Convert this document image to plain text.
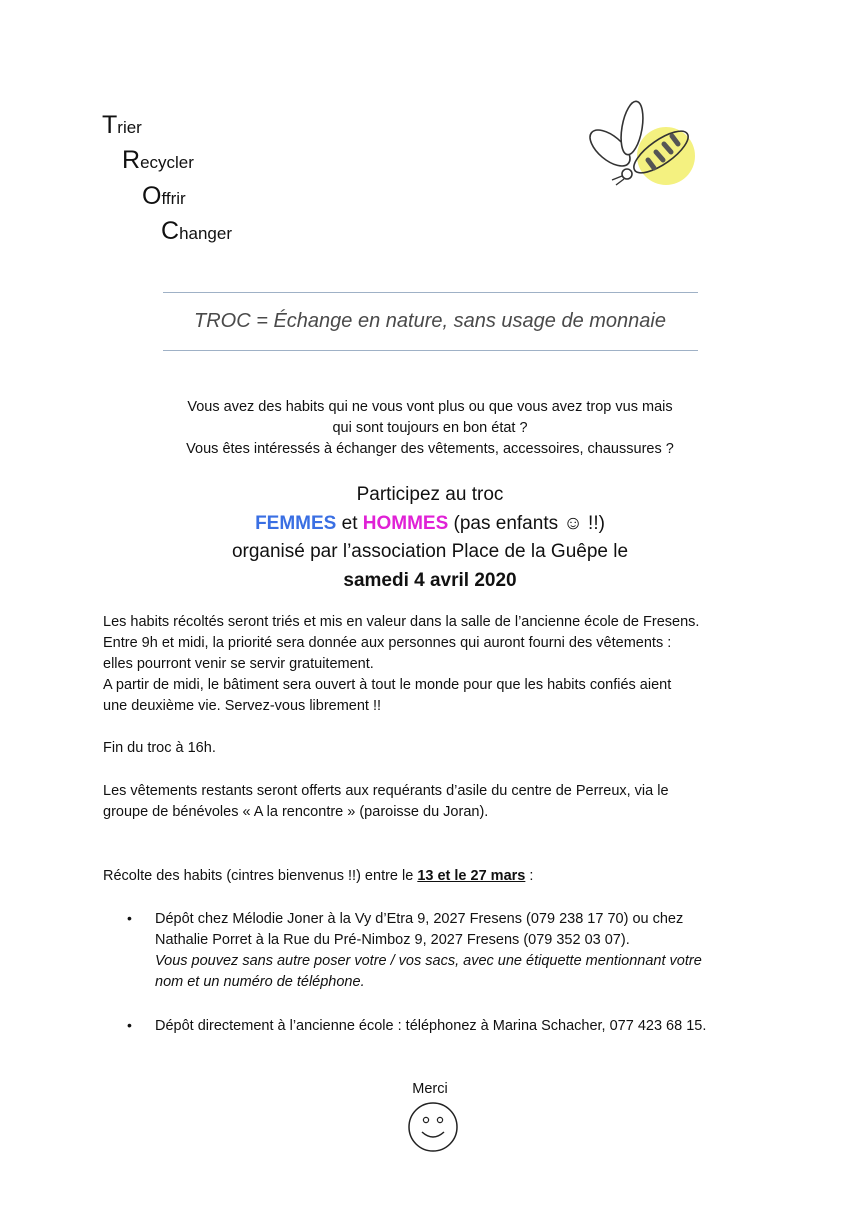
Trier
Recycler
Offrir
Changer
TROC = Échange en nature, sans usage de monnaie
Vous avez des habits qui ne vous vont plus ou que vous avez trop vus mais
qui sont toujours en bon état ?
Vous êtes intéressés à échanger des vêtements, accessoires, chaussures ?
Participez au troc
FEMMES et HOMMES (pas enfants ☺ !!)
organisé par l’association Place de la Guêpe le
samedi 4 avril 2020
Les habits récoltés seront triés et mis en valeur dans la salle de l’ancienne école de Fresens.
Entre 9h et midi, la priorité sera donnée aux personnes qui auront fourni des vêtements :
elles pourront venir se servir gratuitement.
A partir de midi, le bâtiment sera ouvert à tout le monde pour que les habits confiés aient
une deuxième vie. Servez-vous librement !!
Fin du troc à 16h.
Les vêtements restants seront offerts aux requérants d’asile du centre de Perreux, via le
groupe de bénévoles « A la rencontre » (paroisse du Joran).
Récolte des habits (cintres bienvenus !!) entre le 13 et le 27 mars :
• Dépôt chez Mélodie Joner à la Vy d’Etra 9, 2027 Fresens (079 238 17 70) ou chez
Nathalie Porret à la Rue du Pré-Nimboz 9, 2027 Fresens (079 352 03 07).
Vous pouvez sans autre poser votre / vos sacs, avec une étiquette mentionnant votre
nom et un numéro de téléphone.
• Dépôt directement à l’ancienne école : téléphonez à Marina Schacher, 077 423 68 15.
Merci
